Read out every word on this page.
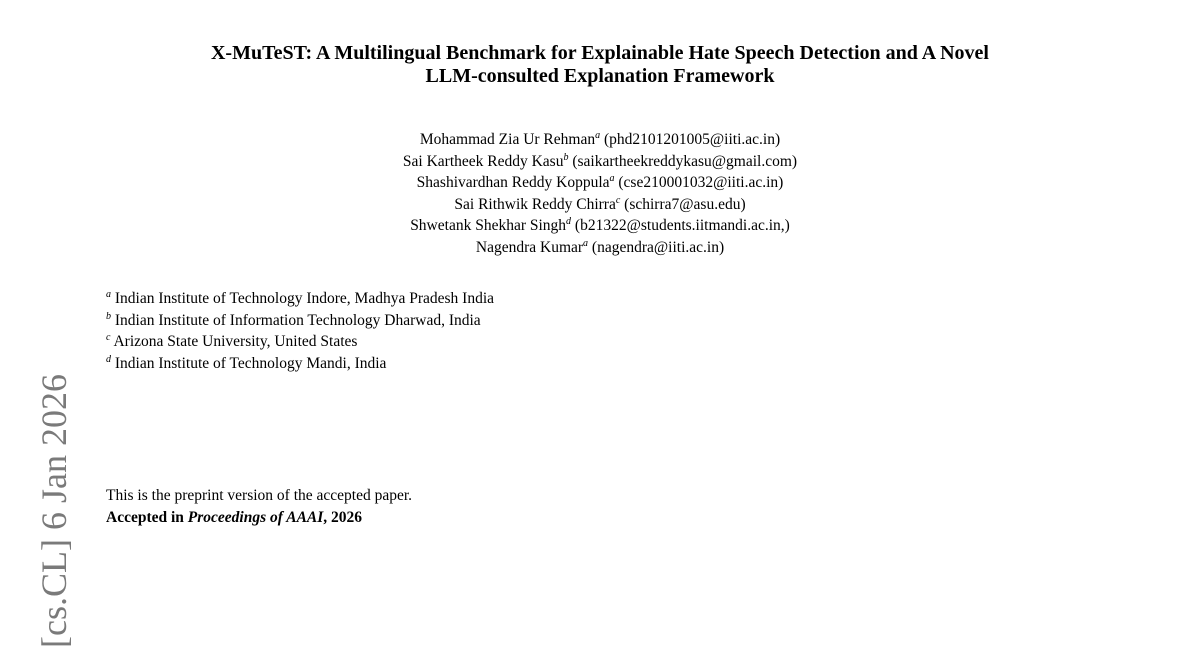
X-MuTeST: A Multilingual Benchmark for Explainable Hate Speech Detection and A Novel
LLM-consulted Explanation Framework
Mohammad Zia Ur Rehman$^a$ (phd2101201005@iiti.ac.in)
Sai Kartheek Reddy Kasu$^b$ (saikartheekreddykasu@gmail.com)
Shashivardhan Reddy Koppula$^a$ (cse210001032@iiti.ac.in)
Sai Rithwik Reddy Chirra$^c$ (schirra7@asu.edu)
Shwetank Shekhar Singh$^d$ (b21322@students.iitmandi.ac.in,)
Nagendra Kumar$^a$ (nagendra@iiti.ac.in)
$^a$ Indian Institute of Technology Indore, Madhya Pradesh India
$^b$ Indian Institute of Information Technology Dharwad, India
$^c$ Arizona State University, United States
$^d$ Indian Institute of Technology Mandi, India
This is the preprint version of the accepted paper.
Accepted in Proceedings of AAAI, 2026
[cs.CL] 6 Jan 2026
